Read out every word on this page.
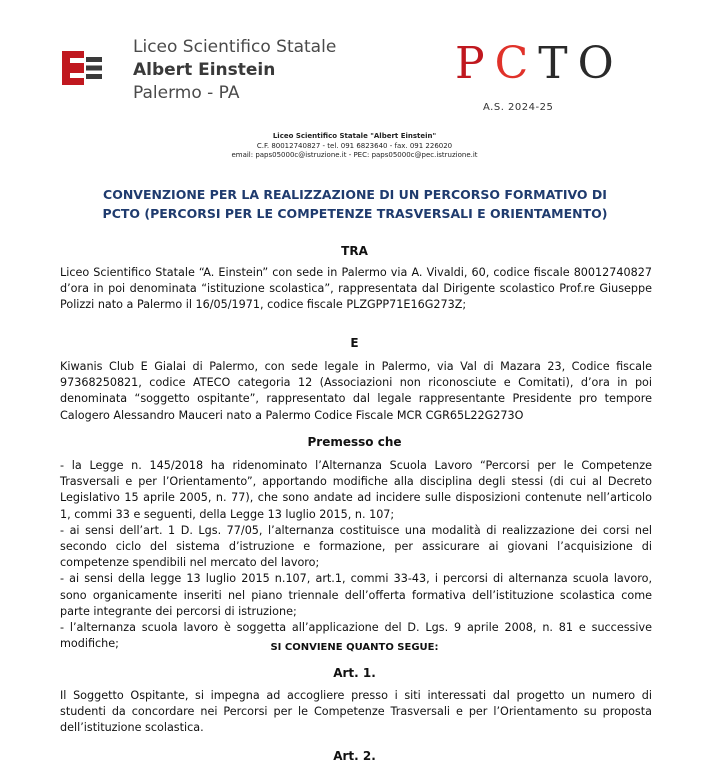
Liceo Scientifico Statale
Albert Einstein
Palermo - PA
PCTO
A.S. 2024-25
Liceo Scientifico Statale "Albert Einstein"
C.F. 80012740827 - tel. 091 6823640 - fax. 091 226020
email: paps05000c@istruzione.it - PEC: paps05000c@pec.istruzione.it
CONVENZIONE PER LA REALIZZAZIONE DI UN PERCORSO FORMATIVO DI
PCTO (PERCORSI PER LE COMPETENZE TRASVERSALI E ORIENTAMENTO)
TRA

Liceo Scientifico Statale “A. Einstein” con sede in Palermo via A. Vivaldi, 60, codice fiscale 80012740827 d’ora in poi denominata “istituzione scolastica”, rappresentata dal Dirigente scolastico Prof.re Giuseppe Polizzi nato a Palermo il 16/05/1971, codice fiscale PLZGPP71E16G273Z;

E

Kiwanis Club E Gialai di Palermo, con sede legale in Palermo, via Val di Mazara 23, Codice fiscale 97368250821, codice ATECO categoria 12 (Associazioni non riconosciute e Comitati), d’ora in poi denominata “soggetto ospitante”, rappresentato dal legale rappresentante Presidente pro tempore Calogero Alessandro Mauceri nato a Palermo Codice Fiscale MCR CGR65L22G273O

Premesso che

- la Legge n. 145/2018 ha ridenominato l’Alternanza Scuola Lavoro “Percorsi per le Competenze Trasversali e per l’Orientamento”, apportando modifiche alla disciplina degli stessi (di cui al Decreto Legislativo 15 aprile 2005, n. 77), che sono andate ad incidere sulle disposizioni contenute nell’articolo 1, commi 33 e seguenti, della Legge 13 luglio 2015, n. 107;

- ai sensi dell’art. 1 D. Lgs. 77/05, l’alternanza costituisce una modalità di realizzazione dei corsi nel secondo ciclo del sistema d’istruzione e formazione, per assicurare ai giovani l’acquisizione di competenze spendibili nel mercato del lavoro;

- ai sensi della legge 13 luglio 2015 n.107, art.1, commi 33-43, i percorsi di alternanza scuola lavoro, sono organicamente inseriti nel piano triennale dell’offerta formativa dell’istituzione scolastica come parte integrante dei percorsi di istruzione;

- l’alternanza scuola lavoro è soggetta all’applicazione del D. Lgs. 9 aprile 2008, n. 81 e successive modifiche;	SI CONVIENE QUANTO SEGUE:
Art. 1.

Il Soggetto Ospitante, si impegna ad accogliere presso i siti interessati dal progetto un numero di studenti da concordare nei Percorsi per le Competenze Trasversali e per l’Orientamento su proposta dell’istituzione scolastica.

Art. 2.
